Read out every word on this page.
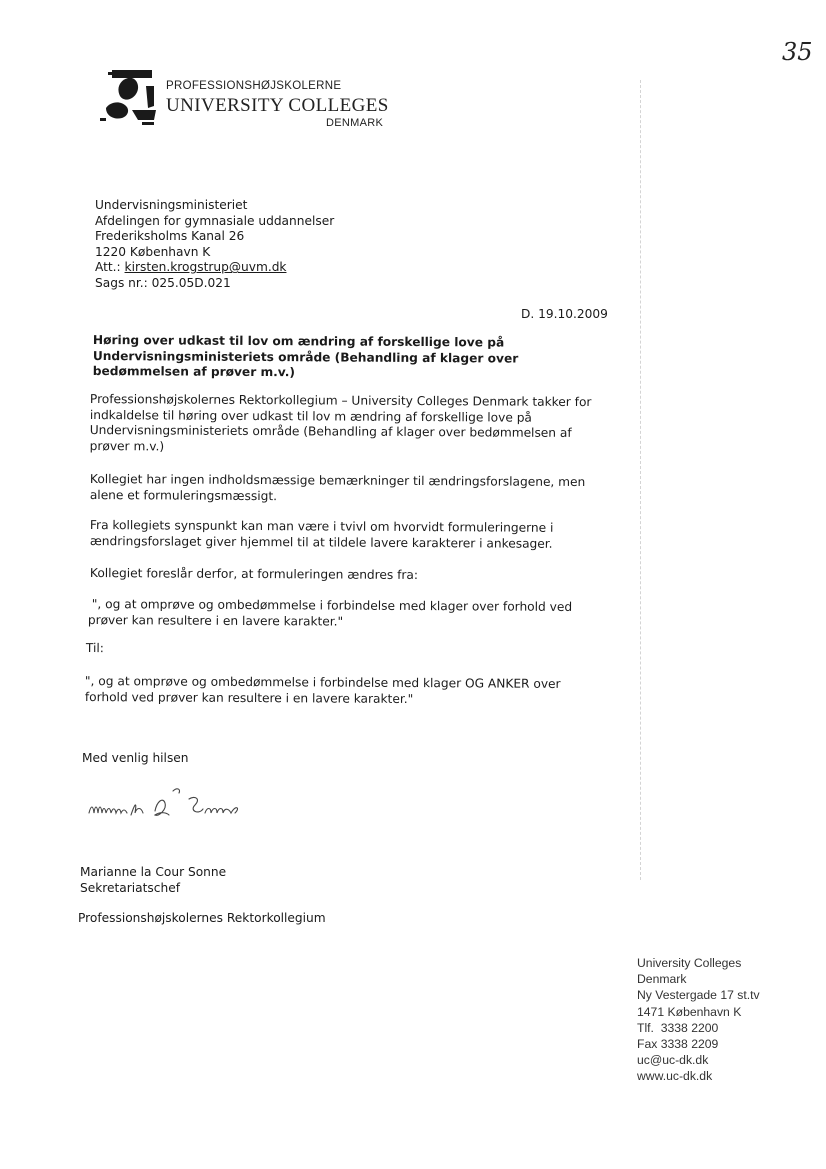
35
PROFESSIONSHØJSKOLERNE
UNIVERSITY COLLEGES
DENMARK
Undervisningsministeriet
Afdelingen for gymnasiale uddannelser
Frederiksholms Kanal 26
1220 København K
Att.: kirsten.krogstrup@uvm.dk
Sags nr.: 025.05D.021
D. 19.10.2009
Høring over udkast til lov om ændring af forskellige love på Undervisningsministeriets område (Behandling af klager over bedømmelsen af prøver m.v.)
Professionshøjskolernes Rektorkollegium – University Colleges Denmark takker for
indkaldelse til høring over udkast til lov m ændring af forskellige love på
Undervisningsministeriets område (Behandling af klager over bedømmelsen af
prøver m.v.)
Kollegiet har ingen indholdsmæssige bemærkninger til ændringsforslagene, men
alene et formuleringsmæssigt.
Fra kollegiets synspunkt kan man være i tvivl om hvorvidt formuleringerne i
ændringsforslaget giver hjemmel til at tildele lavere karakterer i ankesager.
Kollegiet foreslår derfor, at formuleringen ændres fra:
", og at omprøve og ombedømmelse i forbindelse med klager over forhold ved
prøver kan resultere i en lavere karakter."
Til:
", og at omprøve og ombedømmelse i forbindelse med klager OG ANKER over
forhold ved prøver kan resultere i en lavere karakter."
Med venlig hilsen
Marianne la Cour Sonne
Sekretariatschef
Professionshøjskolernes Rektorkollegium
University Colleges
Denmark
Ny Vestergade 17 st.tv
1471 København K
Tlf.  3338 2200
Fax 3338 2209
uc@uc-dk.dk
www.uc-dk.dk
